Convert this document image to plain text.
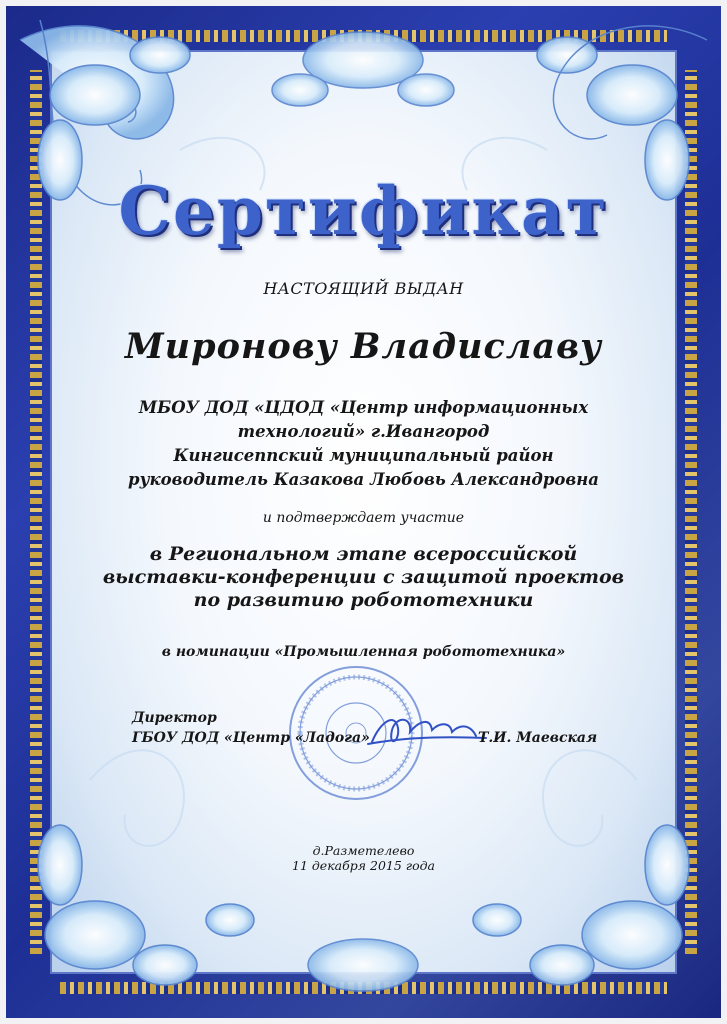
Сертификат
НАСТОЯЩИЙ ВЫДАН
Миронову Владиславу
МБОУ ДОД «ЦДОД «Центр информационных
технологий» г.Ивангород
Кингисеппский муниципальный район
руководитель Казакова Любовь Александровна
и подтверждает участие
в Региональном этапе всероссийской
выставки-конференции с защитой проектов
по развитию робототехники
в номинации «Промышленная робототехника»
Директор
ГБОУ ДОД «Центр «Ладога»	Т.И. Маевская
д.Разметелево
11 декабря 2015 года
